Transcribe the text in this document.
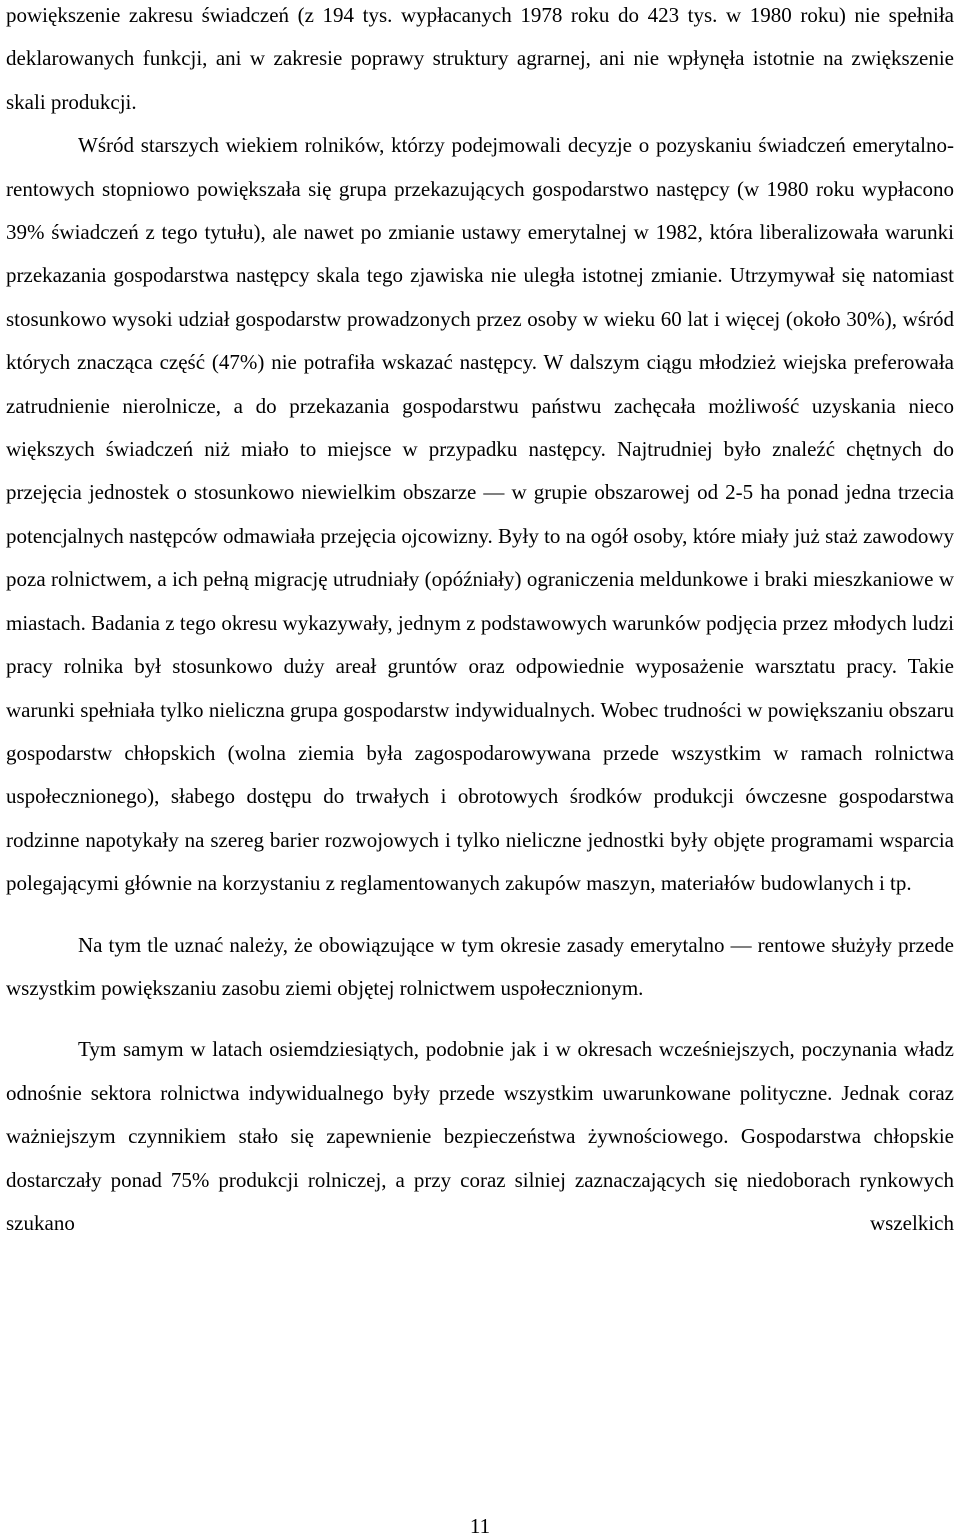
powiększenie zakresu świadczeń (z 194 tys. wypłacanych 1978 roku do 423 tys. w 1980 roku) nie spełniła deklarowanych funkcji, ani w zakresie poprawy struktury agrarnej, ani nie wpłynęła istotnie na zwiększenie skali produkcji.

Wśród starszych wiekiem rolników, którzy podejmowali decyzje o pozyskaniu świadczeń emerytalno-rentowych stopniowo powiększała się grupa przekazujących gospodarstwo następcy (w 1980 roku wypłacono 39% świadczeń z tego tytułu), ale nawet po zmianie ustawy emerytalnej w 1982, która liberalizowała warunki przekazania gospodarstwa następcy skala tego zjawiska nie uległa istotnej zmianie. Utrzymywał się natomiast stosunkowo wysoki udział gospodarstw prowadzonych przez osoby w wieku 60 lat i więcej (około 30%), wśród których znacząca część (47%) nie potrafiła wskazać następcy. W dalszym ciągu młodzież wiejska preferowała zatrudnienie nierolnicze, a do przekazania gospodarstwu państwu zachęcała możliwość uzyskania nieco większych świadczeń niż miało to miejsce w przypadku następcy. Najtrudniej było znaleźć chętnych do przejęcia jednostek o stosunkowo niewielkim obszarze — w grupie obszarowej od 2-5 ha ponad jedna trzecia potencjalnych następców odmawiała przejęcia ojcowizny. Były to na ogół osoby, które miały już staż zawodowy poza rolnictwem, a ich pełną migrację utrudniały (opóźniały) ograniczenia meldunkowe i braki mieszkaniowe w miastach. Badania z tego okresu wykazywały, jednym z podstawowych warunków podjęcia przez młodych ludzi pracy rolnika był stosunkowo duży areał gruntów oraz odpowiednie wyposażenie warsztatu pracy. Takie warunki spełniała tylko nieliczna grupa gospodarstw indywidualnych. Wobec trudności w powiększaniu obszaru gospodarstw chłopskich (wolna ziemia była zagospodarowywana przede wszystkim w ramach rolnictwa uspołecznionego), słabego dostępu do trwałych i obrotowych środków produkcji ówczesne gospodarstwa rodzinne napotykały na szereg barier rozwojowych i tylko nieliczne jednostki były objęte programami wsparcia polegającymi głównie na korzystaniu z reglamentowanych zakupów maszyn, materiałów budowlanych i tp.

Na tym tle uznać należy, że obowiązujące w tym okresie zasady emerytalno — rentowe służyły przede wszystkim powiększaniu zasobu ziemi objętej rolnictwem uspołecznionym.

Tym samym w latach osiemdziesiątych, podobnie jak i w okresach wcześniejszych, poczynania władz odnośnie sektora rolnictwa indywidualnego były przede wszystkim uwarunkowane polityczne. Jednak coraz ważniejszym czynnikiem stało się zapewnienie bezpieczeństwa żywnościowego. Gospodarstwa chłopskie dostarczały ponad 75% produkcji rolniczej, a przy coraz silniej zaznaczających się niedoborach rynkowych szukano wszelkich

11
